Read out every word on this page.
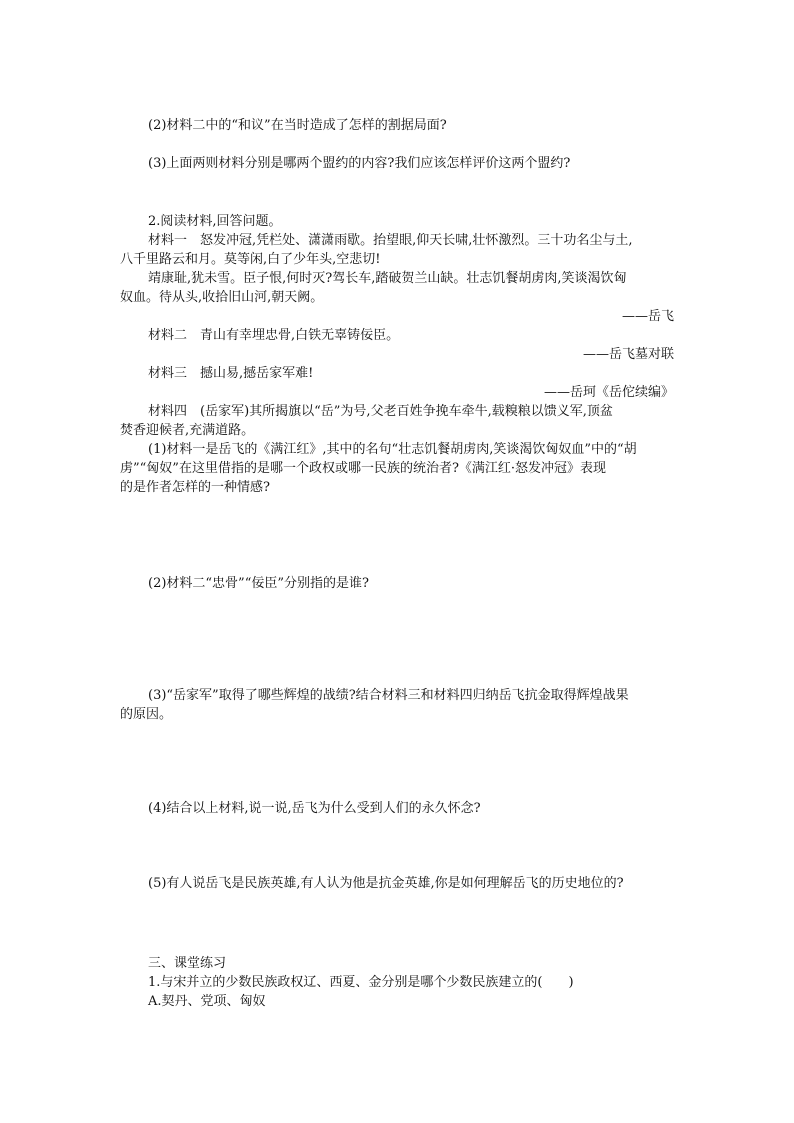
(2)材料二中的“和议”在当时造成了怎样的割据局面?
(3)上面两则材料分别是哪两个盟约的内容?我们应该怎样评价这两个盟约?
2.阅读材料,回答问题。
材料一　怒发冲冠,凭栏处、潇潇雨歇。抬望眼,仰天长啸,壮怀激烈。三十功名尘与土,
八千里路云和月。莫等闲,白了少年头,空悲切!
靖康耻,犹未雪。臣子恨,何时灭?驾长车,踏破贺兰山缺。壮志饥餐胡虏肉,笑谈渴饮匈
奴血。待从头,收拾旧山河,朝天阙。
——岳飞
材料二　青山有幸埋忠骨,白铁无辜铸佞臣。
——岳飞墓对联
材料三　撼山易,撼岳家军难!
——岳珂《岳佗续编》
材料四　(岳家军)其所揭旗以“岳”为号,父老百姓争挽车牵牛,载糗粮以馈义军,顶盆
焚香迎候者,充满道路。
(1)材料一是岳飞的《满江红》,其中的名句“壮志饥餐胡虏肉,笑谈渴饮匈奴血”中的“胡
虏”“匈奴”在这里借指的是哪一个政权或哪一民族的统治者?《满江红·怒发冲冠》表现
的是作者怎样的一种情感?
(2)材料二“忠骨”“佞臣”分别指的是谁?
(3)“岳家军”取得了哪些辉煌的战绩?结合材料三和材料四归纳岳飞抗金取得辉煌战果
的原因。
(4)结合以上材料,说一说,岳飞为什么受到人们的永久怀念?
(5)有人说岳飞是民族英雄,有人认为他是抗金英雄,你是如何理解岳飞的历史地位的?
三、课堂练习
1.与宋并立的少数民族政权辽、西夏、金分别是哪个少数民族建立的(　　)
A.契丹、党项、匈奴
